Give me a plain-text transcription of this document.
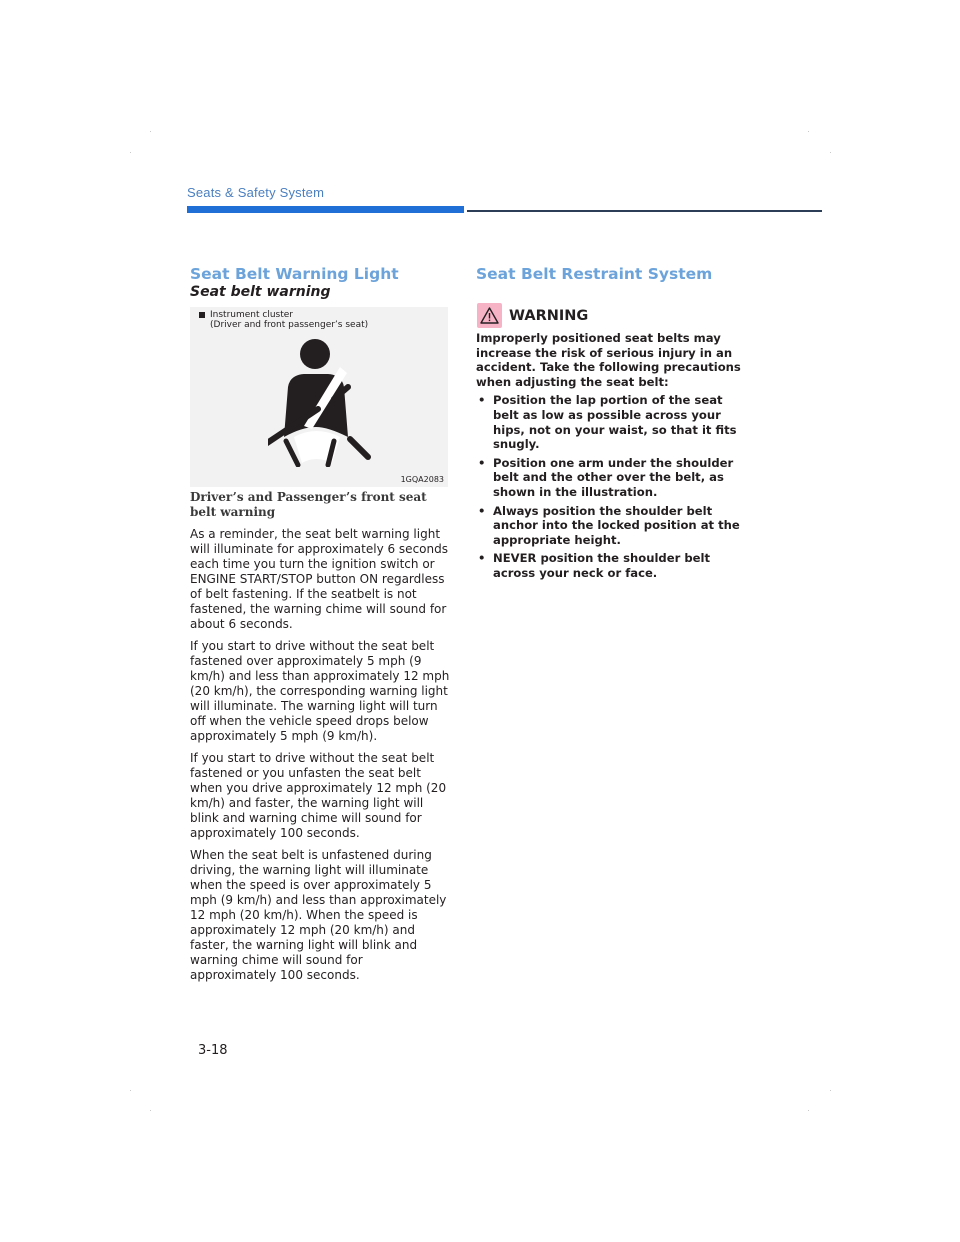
Seats & Safety System
Seat Belt Warning Light
Seat belt warning
Instrument cluster
(Driver and front passenger’s seat)
1GQA2083

Driver’s and Passenger’s front seat belt warning

As a reminder, the seat belt warning light will illuminate for approximately 6 seconds each time you turn the ignition switch or ENGINE START/STOP button ON regardless of belt fastening. If the seatbelt is not fastened, the warning chime will sound for about 6 seconds.

If you start to drive without the seat belt fastened over approximately 5 mph (9 km/h) and less than approximately 12 mph (20 km/h), the corresponding warning light will illuminate. The warning light will turn off when the vehicle speed drops below approximately 5 mph (9 km/h).

If you start to drive without the seat belt fastened or you unfasten the seat belt when you drive approximately 12 mph (20 km/h) and faster, the warning light will blink and warning chime will sound for approximately 100 seconds.

When the seat belt is unfastened during driving, the warning light will illuminate when the speed is over approximately 5 mph (9 km/h) and less than approximately 12 mph (20 km/h). When the speed is approximately 12 mph (20 km/h) and faster, the warning light will blink and warning chime will sound for approximately 100 seconds.

Seat Belt Restraint System
WARNING

Improperly positioned seat belts may increase the risk of serious injury in an accident. Take the following precautions when adjusting the seat belt:

• Position the lap portion of the seat belt as low as possible across your hips, not on your waist, so that it fits snugly.
• Position one arm under the shoulder belt and the other over the belt, as shown in the illustration.
• Always position the shoulder belt anchor into the locked position at the appropriate height.
• NEVER position the shoulder belt across your neck or face.
3-18
